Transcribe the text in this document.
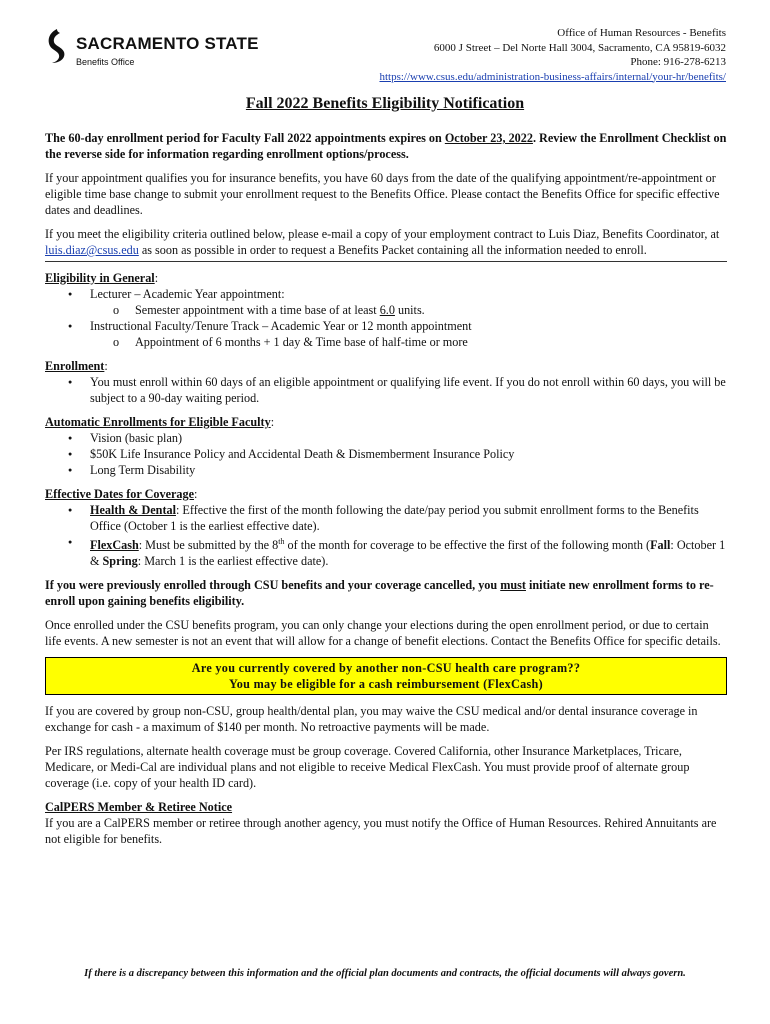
SACRAMENTO STATE
Benefits Office
Office of Human Resources - Benefits
6000 J Street – Del Norte Hall 3004, Sacramento, CA 95819-6032
Phone: 916-278-6213
https://www.csus.edu/administration-business-affairs/internal/your-hr/benefits/
Fall 2022 Benefits Eligibility Notification

The 60-day enrollment period for Faculty Fall 2022 appointments expires on October 23, 2022. Review the Enrollment Checklist on the reverse side for information regarding enrollment options/process.

If your appointment qualifies you for insurance benefits, you have 60 days from the date of the qualifying appointment/re-appointment or eligible time base change to submit your enrollment request to the Benefits Office. Please contact the Benefits Office for specific effective dates and deadlines.

If you meet the eligibility criteria outlined below, please e-mail a copy of your employment contract to Luis Diaz, Benefits Coordinator, at luis.diaz@csus.edu as soon as possible in order to request a Benefits Packet containing all the information needed to enroll.

Eligibility in General:
● Lecturer – Academic Year appointment:
o Semester appointment with a time base of at least 6.0 units.
● Instructional Faculty/Tenure Track – Academic Year or 12 month appointment
o Appointment of 6 months + 1 day & Time base of half-time or more
Enrollment:
● You must enroll within 60 days of an eligible appointment or qualifying life event. If you do not enroll within 60 days, you will be subject to a 90-day waiting period.
Automatic Enrollments for Eligible Faculty:
● Vision (basic plan)
● $50K Life Insurance Policy and Accidental Death & Dismemberment Insurance Policy
● Long Term Disability
Effective Dates for Coverage:
● Health & Dental: Effective the first of the month following the date/pay period you submit enrollment forms to the Benefits Office (October 1 is the earliest effective date).
● FlexCash: Must be submitted by the 8th of the month for coverage to be effective the first of the following month (Fall: October 1 & Spring: March 1 is the earliest effective date).

If you were previously enrolled through CSU benefits and your coverage cancelled, you must initiate new enrollment forms to re-enroll upon gaining benefits eligibility.

Once enrolled under the CSU benefits program, you can only change your elections during the open enrollment period, or due to certain life events. A new semester is not an event that will allow for a change of benefit elections. Contact the Benefits Office for specific details.

Are you currently covered by another non-CSU health care program??
You may be eligible for a cash reimbursement (FlexCash)

If you are covered by group non-CSU, group health/dental plan, you may waive the CSU medical and/or dental insurance coverage in exchange for cash - a maximum of $140 per month. No retroactive payments will be made.

Per IRS regulations, alternate health coverage must be group coverage. Covered California, other Insurance Marketplaces, Tricare, Medicare, or Medi-Cal are individual plans and not eligible to receive Medical FlexCash. You must provide proof of alternate group coverage (i.e. copy of your health ID card).

CalPERS Member & Retiree Notice
If you are a CalPERS member or retiree through another agency, you must notify the Office of Human Resources. Rehired Annuitants are not eligible for benefits.
If there is a discrepancy between this information and the official plan documents and contracts, the official documents will always govern.
